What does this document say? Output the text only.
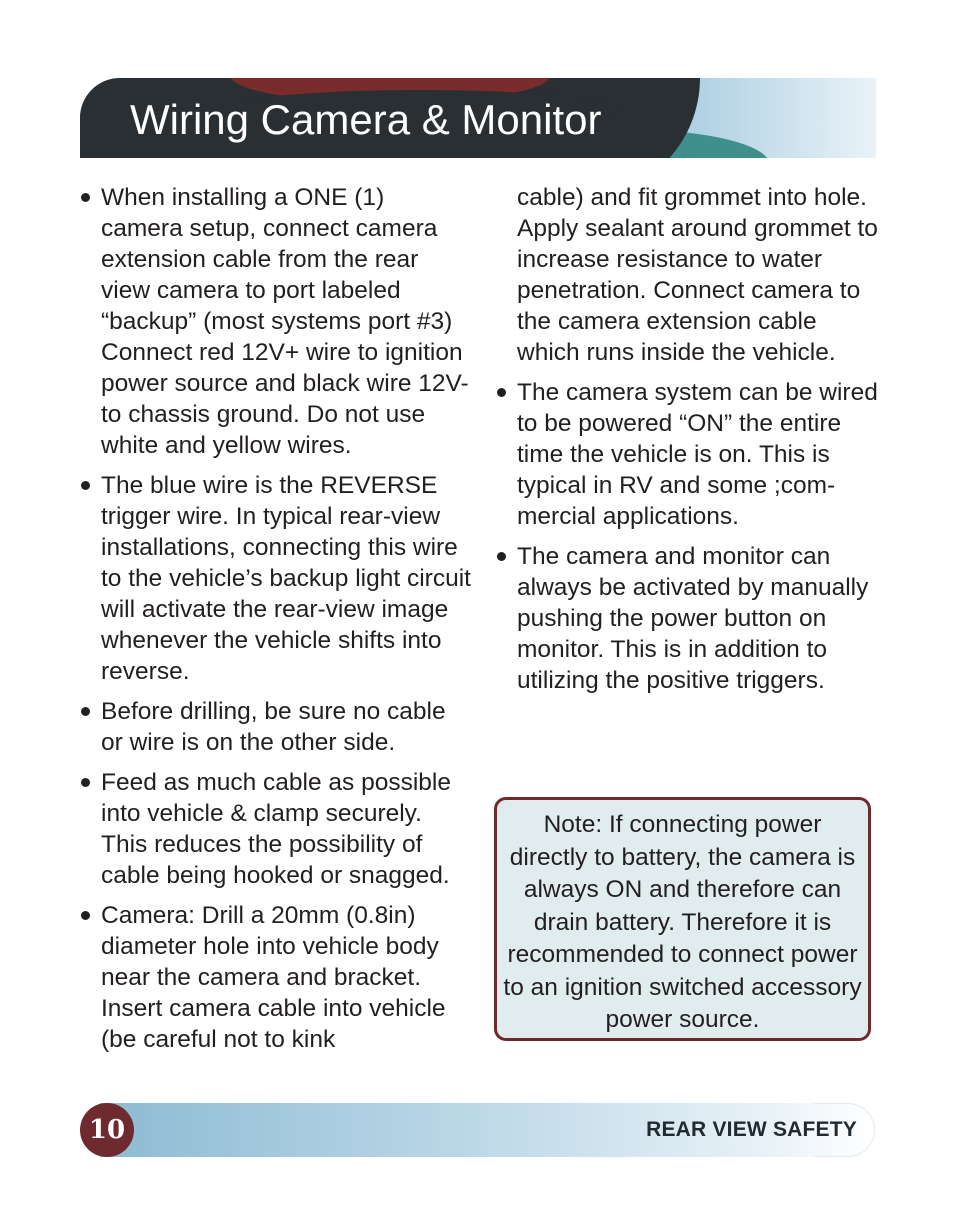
Wiring Camera & Monitor

When installing a ONE (1) camera setup, connect camera extension cable from the rear view camera to port labeled “backup” (most systems port #3) Connect red 12V+ wire to ignition power source and black wire 12V- to chassis ground. Do not use white and yellow wires.

The blue wire is the REVERSE trigger wire. In typical rear-view installations, connecting this wire to the vehicle’s backup light circuit will activate the rear-view image whenever the vehicle shifts into reverse.

Before drilling, be sure no cable or wire is on the other side.

Feed as much cable as possible into vehicle & clamp securely. This reduces the possibility of cable being hooked or snagged.

Camera: Drill a 20mm (0.8in) diameter hole into vehicle body near the camera and bracket. Insert camera cable into vehicle (be careful not to kink

cable) and fit grommet into hole. Apply sealant around grommet to increase resistance to water penetration. Connect camera to the camera extension cable which runs inside the vehicle.

The camera system can be wired to be powered “ON” the entire time the vehicle is on. This is typical in RV and some ;com-mercial applications.

The camera and monitor can always be activated by manually pushing the power button on monitor. This is in addition to utilizing the positive triggers.

Note: If connecting power directly to battery, the camera is always ON and therefore can drain battery. Therefore it is recommended to connect power to an ignition switched accessory power source.
10	REAR VIEW SAFETY
